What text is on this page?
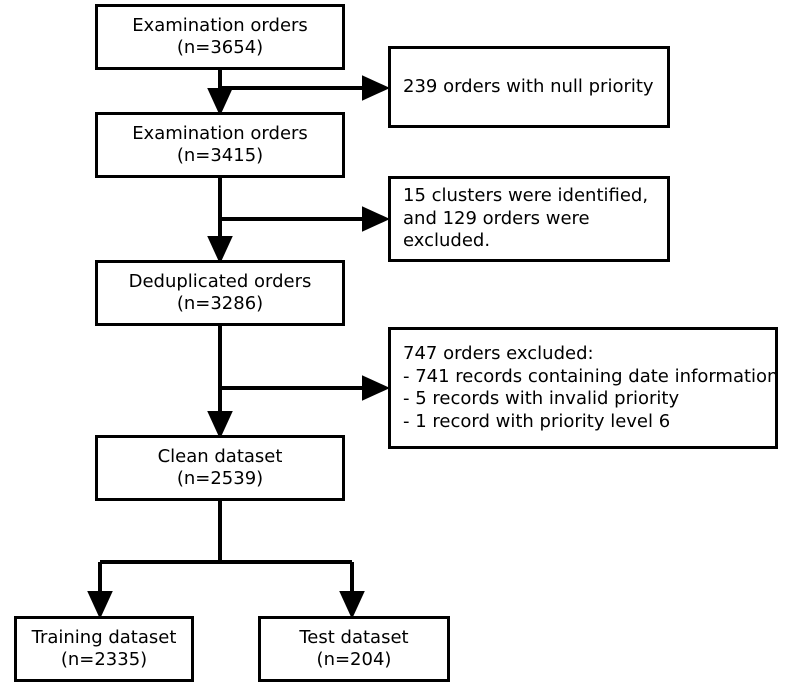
Examination orders
(n=3654)
239 orders with null priority
Examination orders
(n=3415)
15 clusters were identified,
and 129 orders were
excluded.
Deduplicated orders
(n=3286)
747 orders excluded:
- 741 records containing date information
- 5 records with invalid priority
- 1 record with priority level 6
Clean dataset
(n=2539)
Training dataset
(n=2335)
Test dataset
(n=204)
